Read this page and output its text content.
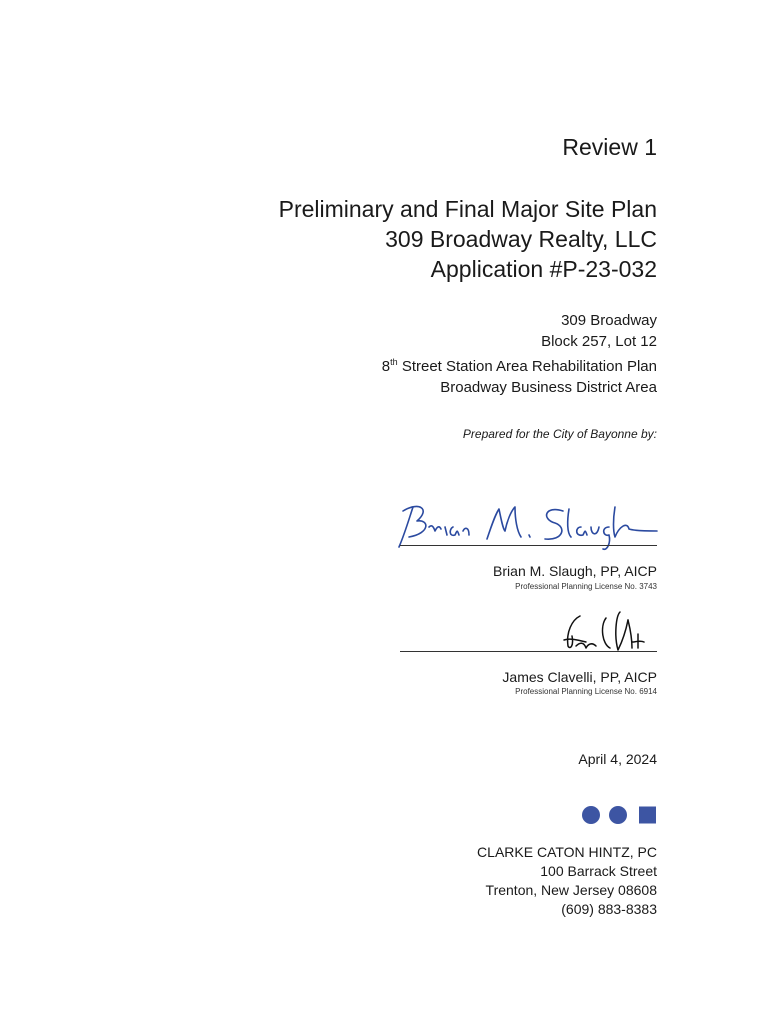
Review 1
Preliminary and Final Major Site Plan
309 Broadway Realty, LLC
Application #P-23-032
309 Broadway
Block 257, Lot 12
8th Street Station Area Rehabilitation Plan
Broadway Business District Area
Prepared for the City of Bayonne by:
Brian M. Slaugh, PP, AICP
Professional Planning License No. 3743
James Clavelli, PP, AICP
Professional Planning License No. 6914
April 4, 2024
CLARKE CATON HINTZ, PC
100 Barrack Street
Trenton, New Jersey 08608
(609) 883-8383
